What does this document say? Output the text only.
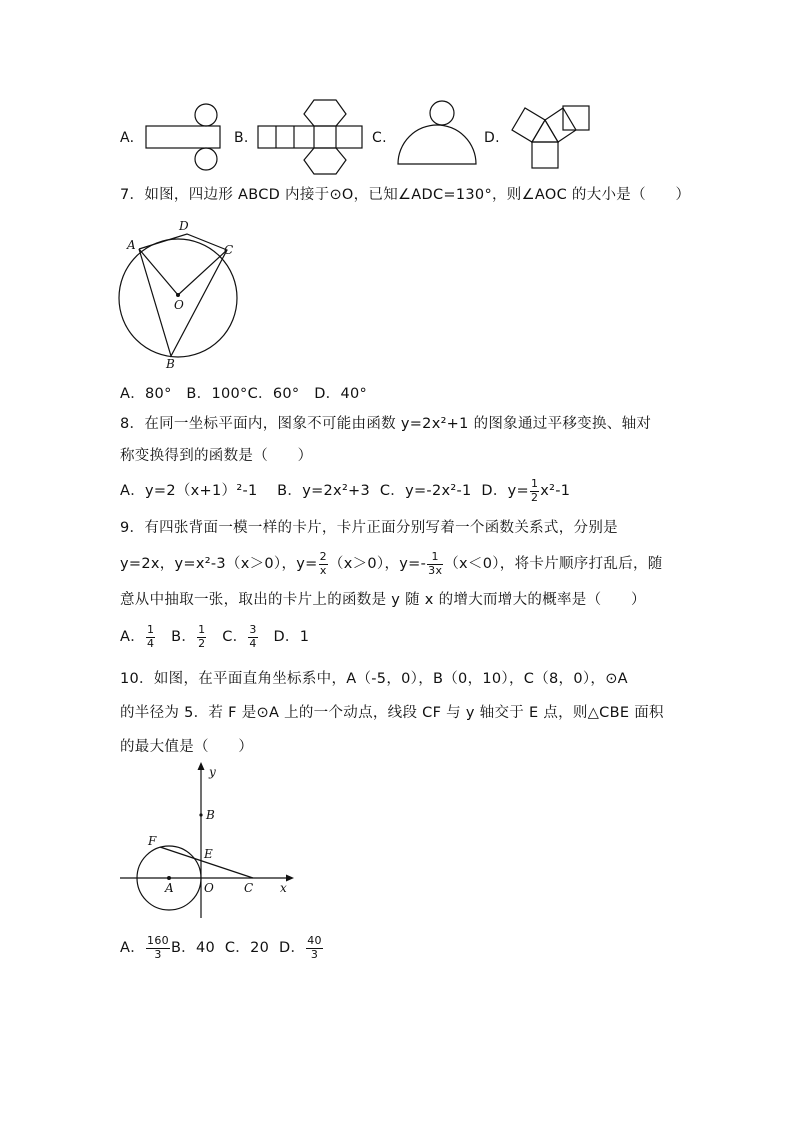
A.	B.	C.	D.
7．如图，四边形 ABCD 内接于⊙O，已知∠ADC=130°，则∠AOC 的大小是（　　）
A
D
C
O
B
A．80°　B．100°C．60°　D．40°
8．在同一坐标平面内，图象不可能由函数 y=2x²+1 的图象通过平移变换、轴对
称变换得到的函数是（　　）
A．y=2（x+1）²-1 B．y=2x²+3 C．y=-2x²-1 D．$y= \frac{1}{2} x^2-1$
9．有四张背面一模一样的卡片，卡片正面分别写着一个函数关系式，分别是
y=2x，y=x²-3（x＞0），$y= \frac{2}{x} (x>0)$，$y=- \frac{1}{3x} (x<0)$，将卡片顺序打乱后，随
意从中抽取一张，取出的卡片上的函数是 y 随 x 的增大而增大的概率是（　　）
A． $\frac{1}{4}$ B． $\frac{1}{2}$ C． $\frac{3}{4}$ D．1
10．如图，在平面直角坐标系中，A（-5，0），B（0，10），C（8，0），⊙A
的半径为 5．若 F 是⊙A 上的一个动点，线段 CF 与 y 轴交于 E 点，则△CBE 面积
的最大值是（　　）
y
B
F
E
A	O	C x
A． $\frac{160}{3}$ B．40 C．20 D． $\frac{40}{3}$
